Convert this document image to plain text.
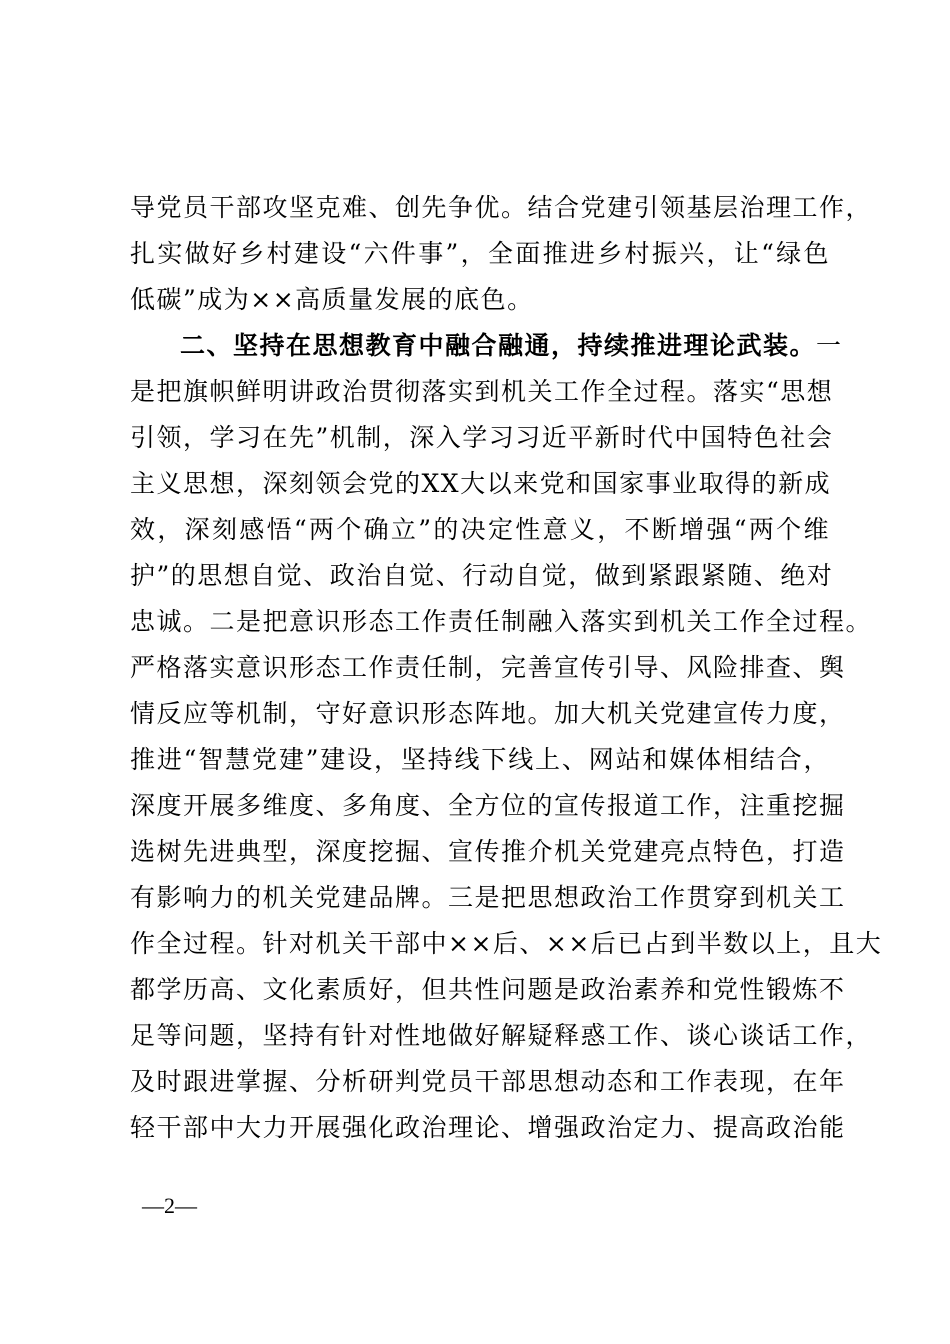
导党员干部攻坚克难、创先争优。结合党建引领基层治理工作，
扎实做好乡村建设“六件事”，全面推进乡村振兴，让“绿色
低碳”成为××高质量发展的底色。
二、坚持在思想教育中融合融通，持续推进理论武装。一
是把旗帜鲜明讲政治贯彻落实到机关工作全过程。落实“思想
引领，学习在先”机制，深入学习习近平新时代中国特色社会
主义思想，深刻领会党的XX大以来党和国家事业取得的新成
效，深刻感悟“两个确立”的决定性意义，不断增强“两个维
护”的思想自觉、政治自觉、行动自觉，做到紧跟紧随、绝对
忠诚。二是把意识形态工作责任制融入落实到机关工作全过程。
严格落实意识形态工作责任制，完善宣传引导、风险排查、舆
情反应等机制，守好意识形态阵地。加大机关党建宣传力度，
推进“智慧党建”建设，坚持线下线上、网站和媒体相结合，
深度开展多维度、多角度、全方位的宣传报道工作，注重挖掘
选树先进典型，深度挖掘、宣传推介机关党建亮点特色，打造
有影响力的机关党建品牌。三是把思想政治工作贯穿到机关工
作全过程。针对机关干部中××后、××后已占到半数以上，且大
都学历高、文化素质好，但共性问题是政治素养和党性锻炼不
足等问题，坚持有针对性地做好解疑释惑工作、谈心谈话工作，
及时跟进掌握、分析研判党员干部思想动态和工作表现，在年
轻干部中大力开展强化政治理论、增强政治定力、提高政治能
—2—
